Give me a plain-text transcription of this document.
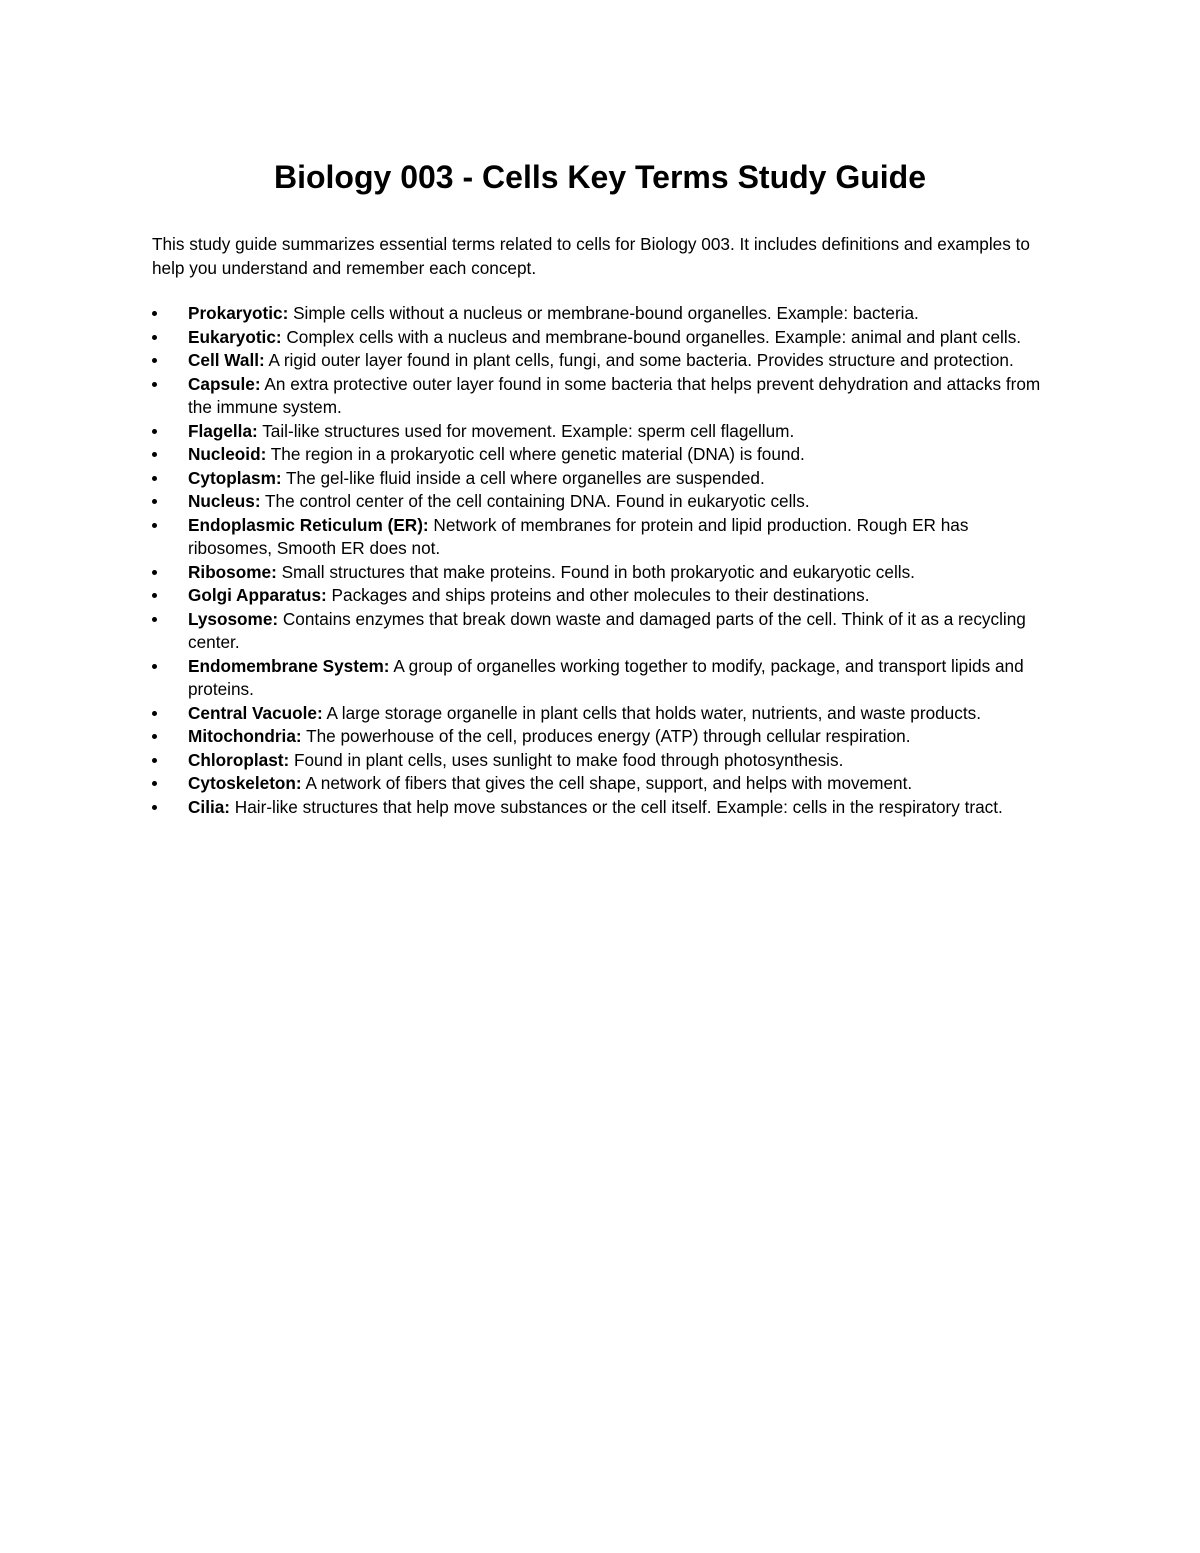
Biology 003 - Cells Key Terms Study Guide

This study guide summarizes essential terms related to cells for Biology 003. It includes definitions and examples to help you understand and remember each concept.

Prokaryotic: Simple cells without a nucleus or membrane-bound organelles. Example: bacteria.
Eukaryotic: Complex cells with a nucleus and membrane-bound organelles. Example: animal and plant cells.
Cell Wall: A rigid outer layer found in plant cells, fungi, and some bacteria. Provides structure and protection.
Capsule: An extra protective outer layer found in some bacteria that helps prevent dehydration and attacks from the immune system.
Flagella: Tail-like structures used for movement. Example: sperm cell flagellum.
Nucleoid: The region in a prokaryotic cell where genetic material (DNA) is found.
Cytoplasm: The gel-like fluid inside a cell where organelles are suspended.
Nucleus: The control center of the cell containing DNA. Found in eukaryotic cells.
Endoplasmic Reticulum (ER): Network of membranes for protein and lipid production. Rough ER has ribosomes, Smooth ER does not.
Ribosome: Small structures that make proteins. Found in both prokaryotic and eukaryotic cells.
Golgi Apparatus: Packages and ships proteins and other molecules to their destinations.
Lysosome: Contains enzymes that break down waste and damaged parts of the cell. Think of it as a recycling center.
Endomembrane System: A group of organelles working together to modify, package, and transport lipids and proteins.
Central Vacuole: A large storage organelle in plant cells that holds water, nutrients, and waste products.
Mitochondria: The powerhouse of the cell, produces energy (ATP) through cellular respiration.
Chloroplast: Found in plant cells, uses sunlight to make food through photosynthesis.
Cytoskeleton: A network of fibers that gives the cell shape, support, and helps with movement.
Cilia: Hair-like structures that help move substances or the cell itself. Example: cells in the respiratory tract.
